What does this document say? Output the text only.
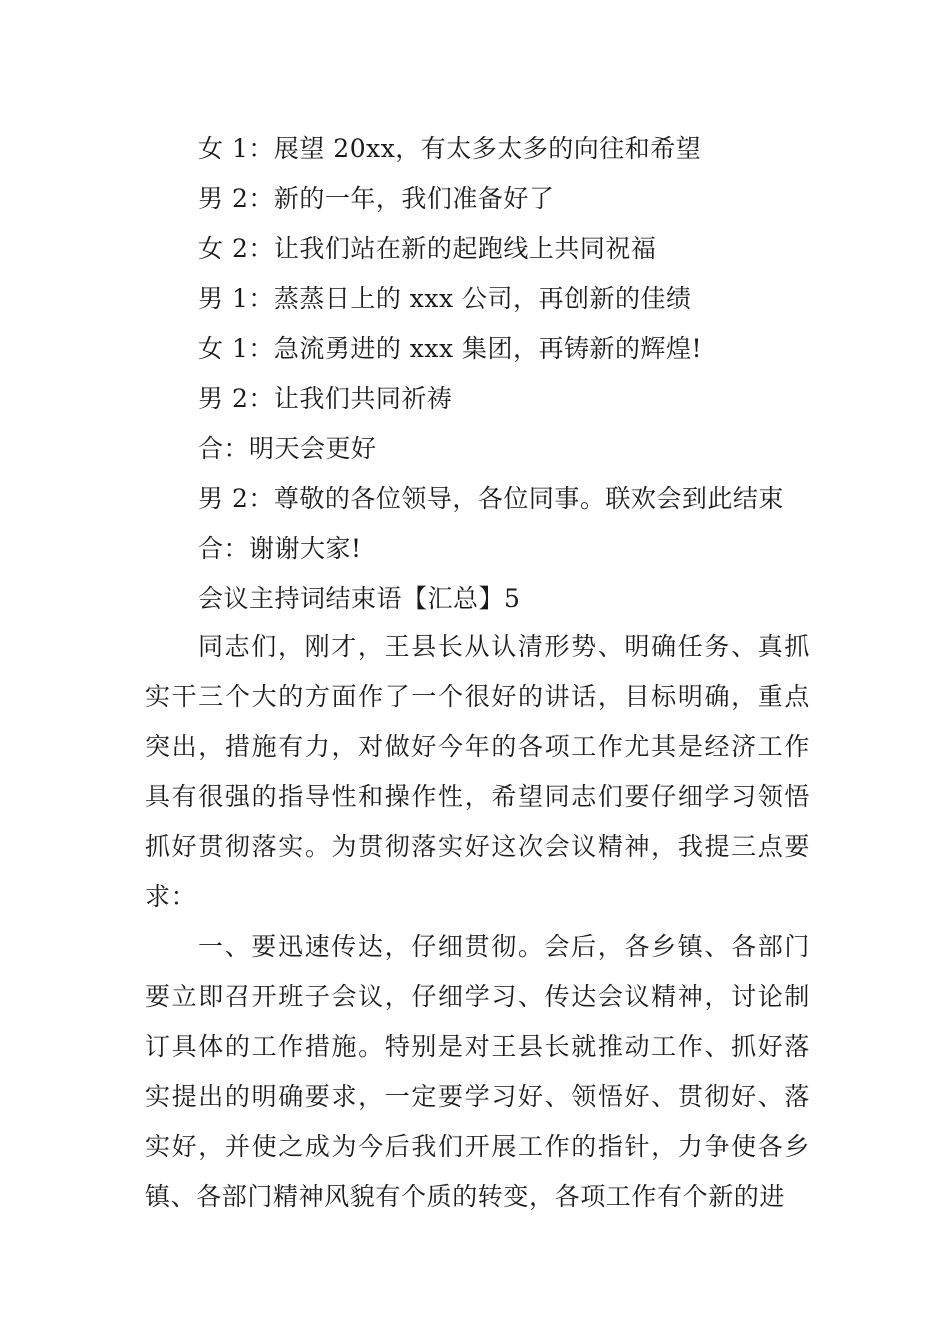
女 1：展望 20xx，有太多太多的向往和希望
男 2：新的一年，我们准备好了
女 2：让我们站在新的起跑线上共同祝福
男 1：蒸蒸日上的 xxx 公司，再创新的佳绩
女 1：急流勇进的 xxx 集团，再铸新的辉煌!
男 2：让我们共同祈祷
合：明天会更好
男 2：尊敬的各位领导，各位同事。联欢会到此结束
合：谢谢大家!
会议主持词结束语【汇总】5
同志们，刚才，王县长从认清形势、明确任务、真抓实干三个大的方面作了一个很好的讲话，目标明确，重点突出，措施有力，对做好今年的各项工作尤其是经济工作具有很强的指导性和操作性，希望同志们要仔细学习领悟抓好贯彻落实。为贯彻落实好这次会议精神，我提三点要求：
一、要迅速传达，仔细贯彻。会后，各乡镇、各部门要立即召开班子会议，仔细学习、传达会议精神，讨论制订具体的工作措施。特别是对王县长就推动工作、抓好落实提出的明确要求，一定要学习好、领悟好、贯彻好、落实好，并使之成为今后我们开展工作的指针，力争使各乡镇、各部门精神风貌有个质的转变，各项工作有个新的进
